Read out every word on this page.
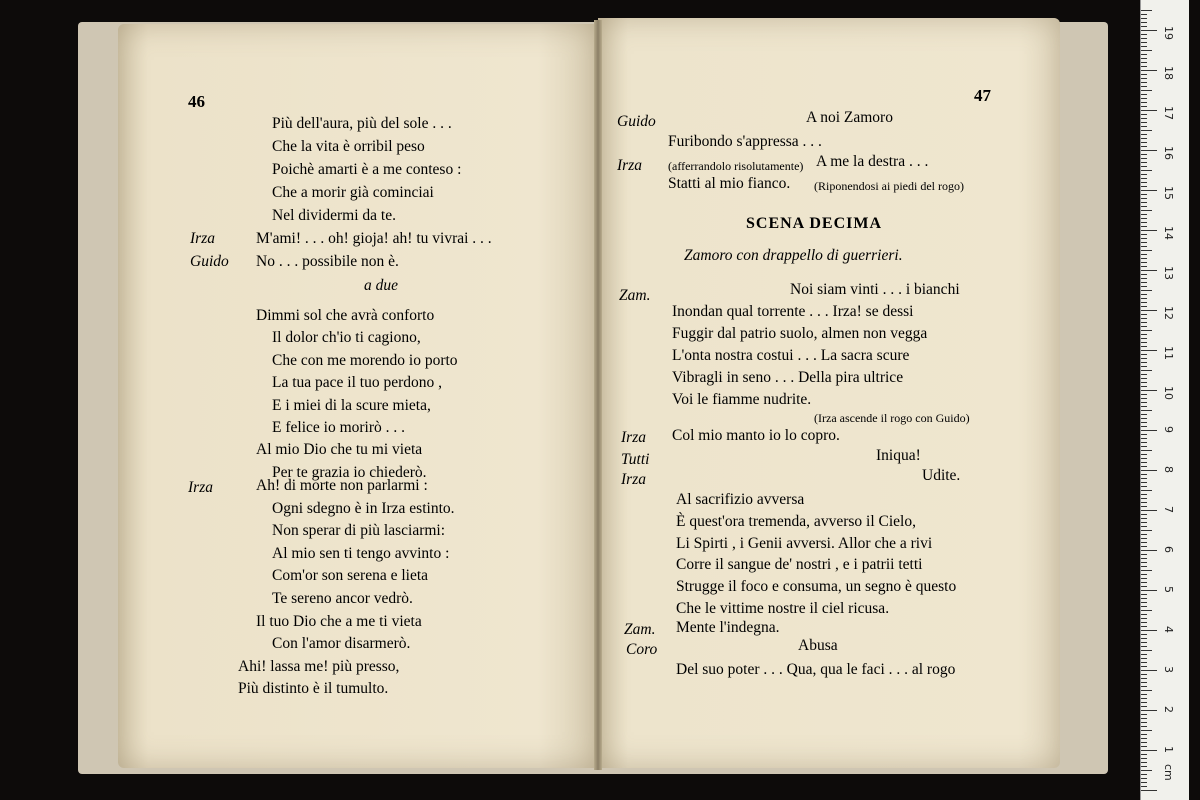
46
Più dell'aura, più del sole . . .
Che la vita è orribil peso
Poichè amarti è a me conteso :
Che a morir già cominciai
Nel dividermi da te.
Irza	M'ami! . . . oh! gioja! ah! tu vivrai . . .
Guido No . . . possibile non è.
a due
Dimmi sol che avrà conforto
Il dolor ch'io ti cagiono,
Che con me morendo io porto
La tua pace il tuo perdono ,
E i miei di la scure mieta,
E felice io morirò . . .
Al mio Dio che tu mi vieta
Per te grazia io chiederò.
Irza	Ah! di morte non parlarmi :
Ogni sdegno è in Irza estinto.
Non sperar di più lasciarmi:
Al mio sen ti tengo avvinto :
Com'or son serena e lieta
Te sereno ancor vedrò.
Il tuo Dio che a me ti vieta
Con l'amor disarmerò.
Ahi! lassa me! più presso,
Più distinto è il tumulto.
47
Guido	A noi Zamoro
Furibondo s'appressa . . .
Irza (afferrandolo risolutamente) A me la destra . . .
Statti al mio fianco. (Riponendosi ai piedi del rogo)
SCENA DECIMA
Zamoro con drappello di guerrieri.
Zam.	Noi siam vinti . . . i bianchi
Inondan qual torrente . . . Irza! se dessi
Fuggir dal patrio suolo, almen non vegga
L'onta nostra costui . . . La sacra scure
Vibragli in seno . . . Della pira ultrice
Voi le fiamme nudrite.
(Irza ascende il rogo con Guido)
Irza Col mio manto io lo copro.
Tutti	Iniqua!
Irza	Udite.
Al sacrifizio avversa
È quest'ora tremenda, avverso il Cielo,
Li Spirti , i Genii avversi. Allor che a rivi
Corre il sangue de' nostri , e i patrii tetti
Strugge il foco e consuma, un segno è questo
Che le vittime nostre il ciel ricusa.
Zam. Mente l'indegna.
Coro	Abusa
Del suo poter . . . Qua, qua le faci . . . al rogo
1
2
3
4
5
6
7
8
9
10
11
12
13
14
15
16
17
18
19
cm
